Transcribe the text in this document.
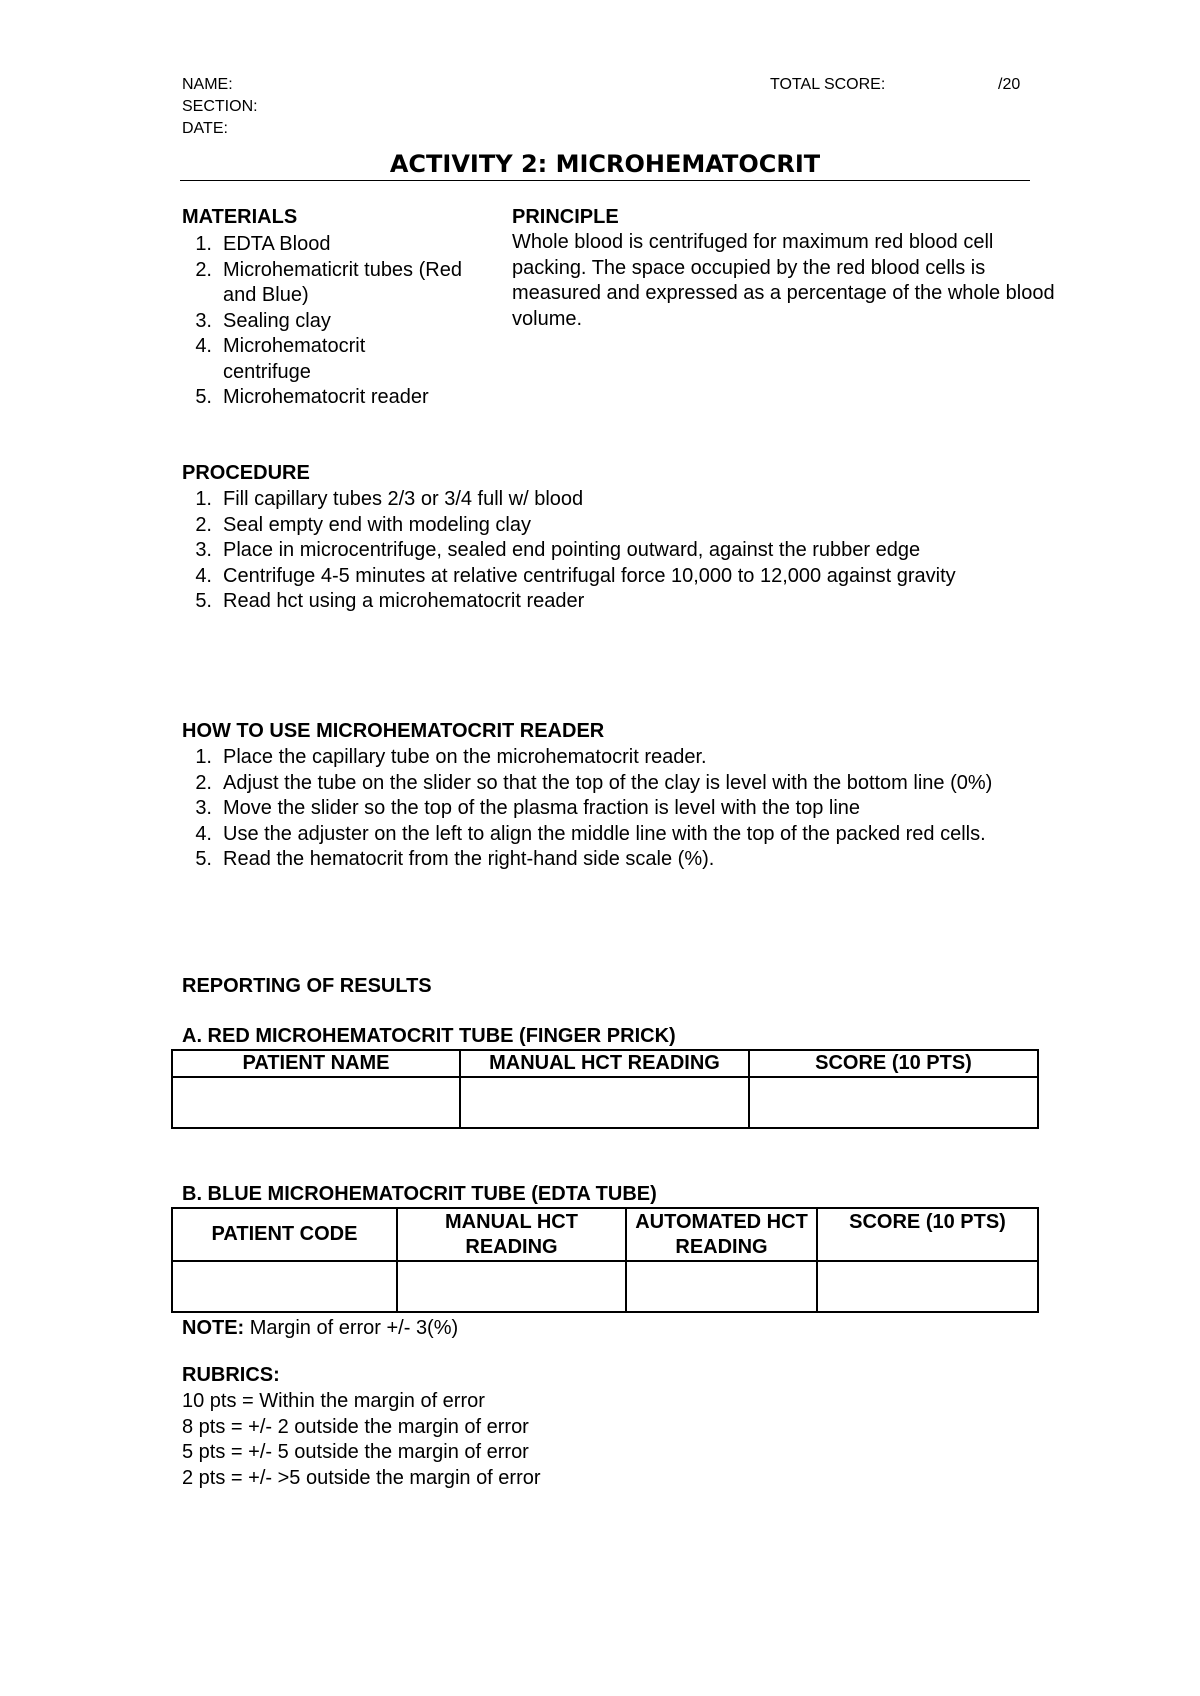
NAME:
SECTION:
DATE:
TOTAL SCORE:	/20
ACTIVITY 2: MICROHEMATOCRIT
MATERIALS
1. EDTA Blood
2. Microhematicrit tubes (Red and Blue)
3. Sealing clay
4. Microhematocrit centrifuge
5. Microhematocrit reader
PRINCIPLE
Whole blood is centrifuged for maximum red blood cell packing. The space occupied by the red blood cells is measured and expressed as a percentage of the whole blood volume.
PROCEDURE
1. Fill capillary tubes 2/3 or 3/4 full w/ blood
2. Seal empty end with modeling clay
3. Place in microcentrifuge, sealed end pointing outward, against the rubber edge
4. Centrifuge 4-5 minutes at relative centrifugal force 10,000 to 12,000 against gravity
5. Read hct using a microhematocrit reader
HOW TO USE MICROHEMATOCRIT READER
1. Place the capillary tube on the microhematocrit reader.
2. Adjust the tube on the slider so that the top of the clay is level with the bottom line (0%)
3. Move the slider so the top of the plasma fraction is level with the top line
4. Use the adjuster on the left to align the middle line with the top of the packed red cells.
5. Read the hematocrit from the right-hand side scale (%).
REPORTING OF RESULTS
A. RED MICROHEMATOCRIT TUBE (FINGER PRICK)
PATIENT NAME	MANUAL HCT READING	SCORE (10 PTS)

B. BLUE MICROHEMATOCRIT TUBE (EDTA TUBE)
PATIENT CODE	MANUAL HCT READING	AUTOMATED HCT READING	SCORE (10 PTS)

NOTE: Margin of error +/- 3(%)
RUBRICS:
10 pts = Within the margin of error
8 pts = +/- 2 outside the margin of error
5 pts = +/- 5 outside the margin of error
2 pts = +/- >5 outside the margin of error
